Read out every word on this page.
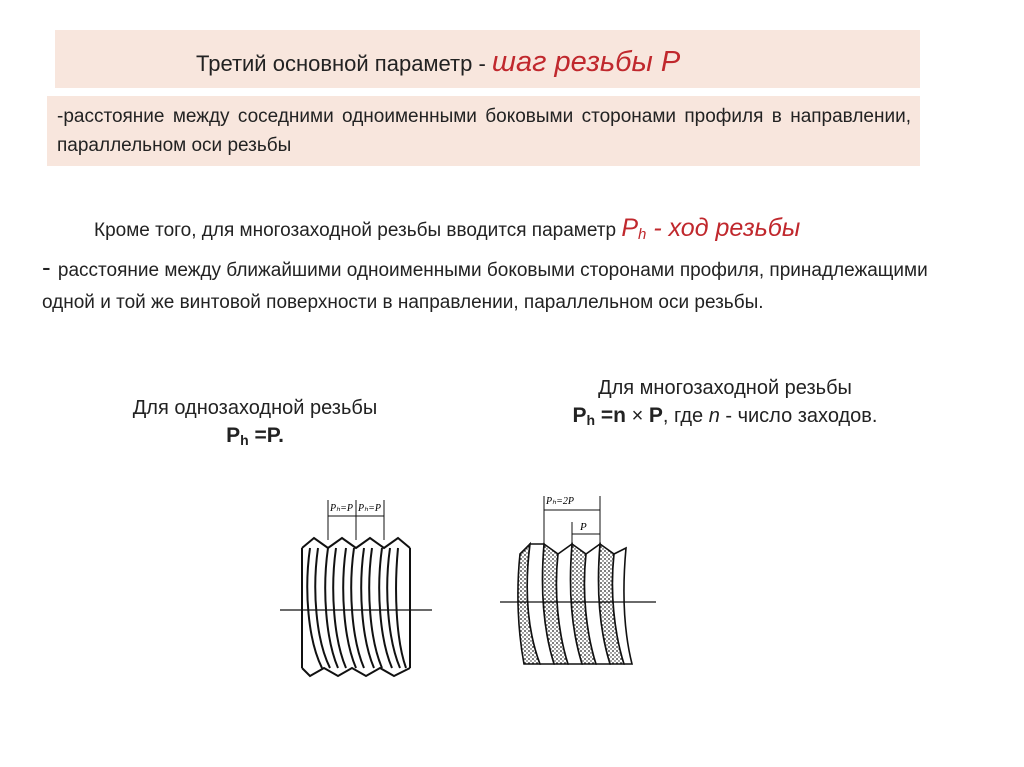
Третий основной параметр - шаг резьбы Р
-расстояние между соседними одноименными боковыми сторонами профиля в направлении, параллельном оси резьбы
Кроме того, для многозаходной резьбы вводится параметр $P_h$ - ход резьбы
- расстояние между ближайшими одноименными боковыми сторонами профиля, принадлежащими одной и той же винтовой поверхности в направлении, параллельном оси резьбы.
Для однозаходной резьбы
$P_h =P$.
Для многозаходной резьбы
$P_h =n \times P$, где n - число заходов.
Pₕ=P Pₕ=P
Pₕ=2P
P
